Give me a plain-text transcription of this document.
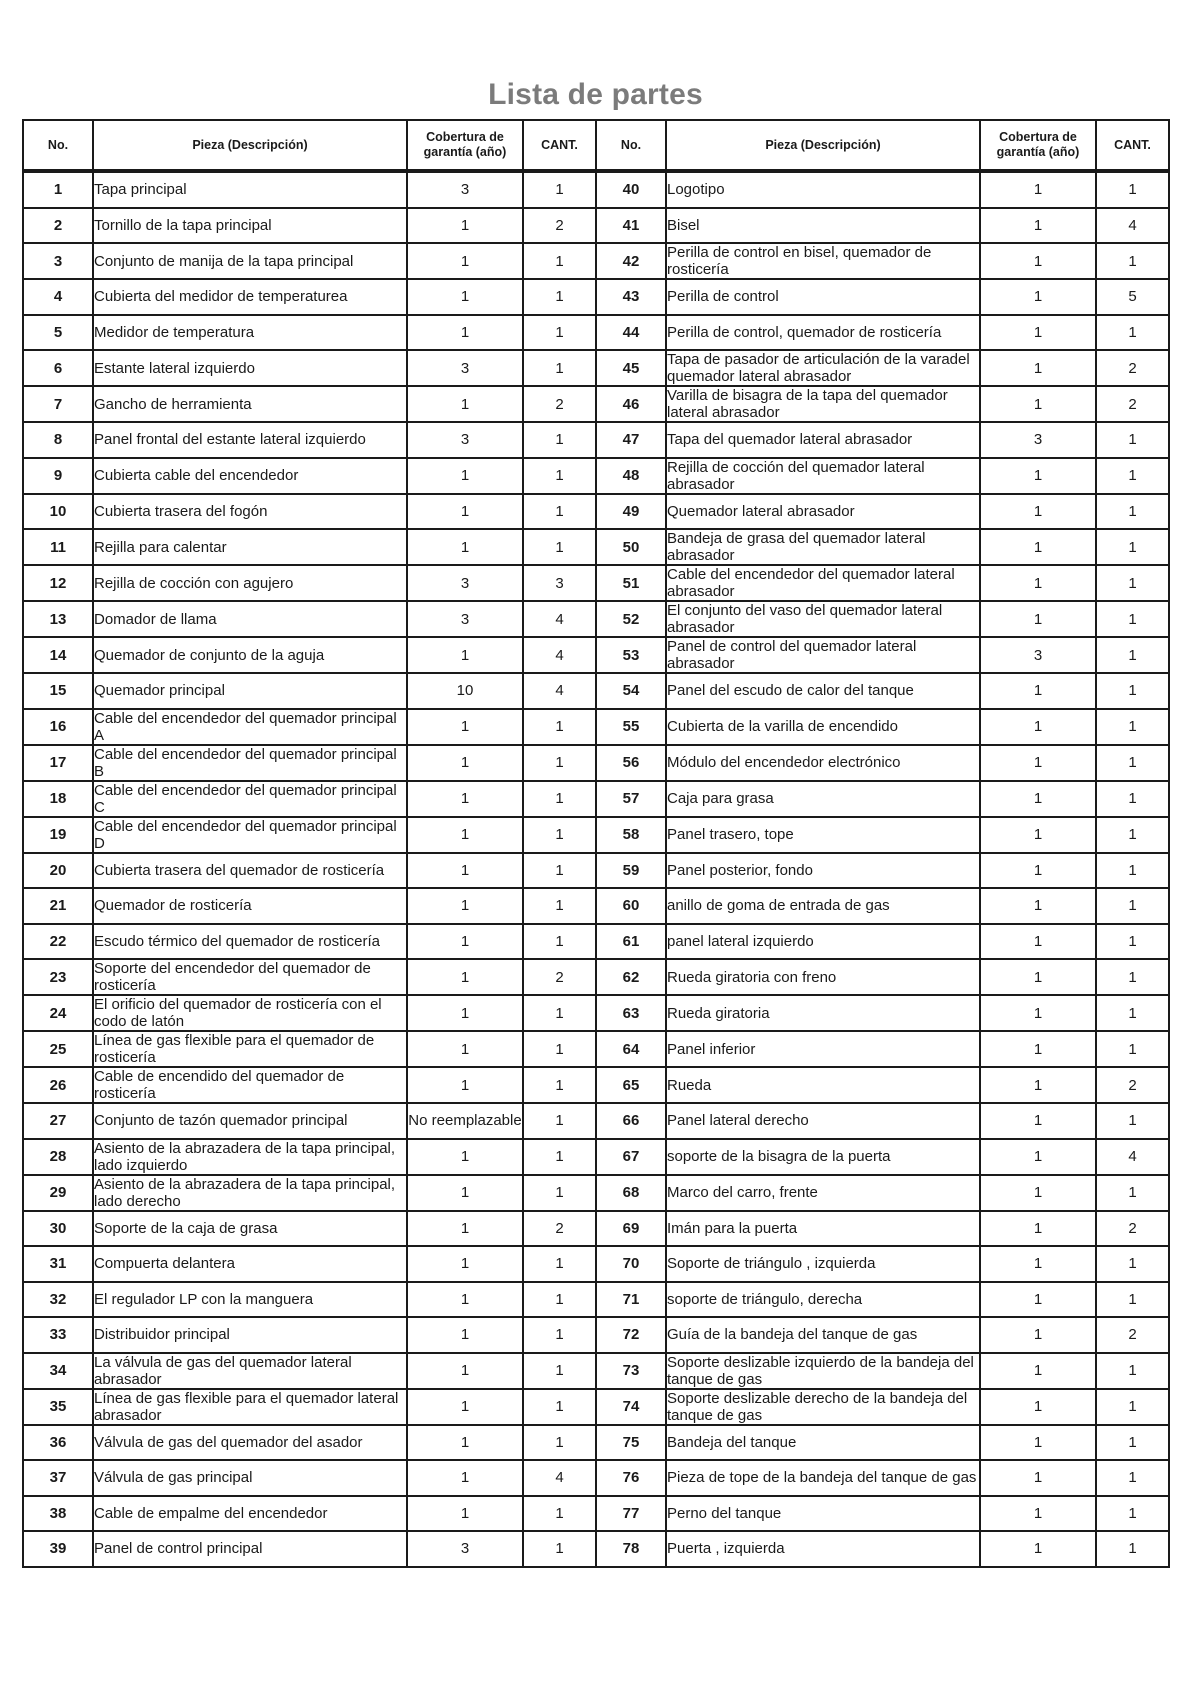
Lista de partes
No.	Pieza (Descripción)	Cobertura de garantía (año)	CANT.	No.	Pieza (Descripción)	Cobertura de garantía (año)	CANT.
1	Tapa principal	3	1	40	Logotipo	1	1
2	Tornillo de la tapa principal	1	2	41	Bisel	1	4
3	Conjunto de manija de la tapa principal	1	1	42	Perilla de control en bisel, quemador de rosticería	1	1
4	Cubierta del medidor de temperaturea	1	1	43	Perilla de control	1	5
5	Medidor de temperatura	1	1	44	Perilla de control, quemador de rosticería	1	1
6	Estante lateral izquierdo	3	1	45	Tapa de pasador de articulación de la varadel quemador lateral abrasador	1	2
7	Gancho de herramienta	1	2	46	Varilla de bisagra de la tapa del quemador lateral abrasador	1	2
8	Panel frontal del estante lateral izquierdo	3	1	47	Tapa del quemador lateral abrasador	3	1
9	Cubierta cable del encendedor	1	1	48	Rejilla de cocción del quemador lateral abrasador	1	1
10	Cubierta trasera del fogón	1	1	49	Quemador lateral abrasador	1	1
11	Rejilla para calentar	1	1	50	Bandeja de grasa del quemador lateral abrasador	1	1
12	Rejilla de cocción con agujero	3	3	51	Cable del encendedor del quemador lateral abrasador	1	1
13	Domador de llama	3	4	52	El conjunto del vaso del quemador lateral abrasador	1	1
14	Quemador de conjunto de la aguja	1	4	53	Panel de control del quemador lateral abrasador	3	1
15	Quemador principal	10	4	54	Panel del escudo de calor del tanque	1	1
16	Cable del encendedor del quemador principal A	1	1	55	Cubierta de la varilla de encendido	1	1
17	Cable del encendedor del quemador principal B	1	1	56	Módulo del encendedor electrónico	1	1
18	Cable del encendedor del quemador principal C	1	1	57	Caja para grasa	1	1
19	Cable del encendedor del quemador principal D	1	1	58	Panel trasero, tope	1	1
20	Cubierta trasera del quemador de rosticería	1	1	59	Panel posterior, fondo	1	1
21	Quemador de rosticería	1	1	60	anillo de goma de entrada de gas	1	1
22	Escudo térmico del quemador de rosticería	1	1	61	panel lateral izquierdo	1	1
23	Soporte del encendedor del quemador de rosticería	1	2	62	Rueda giratoria con freno	1	1
24	El orificio del quemador de rosticería con el codo de latón	1	1	63	Rueda giratoria	1	1
25	Línea de gas flexible para el quemador de rosticería	1	1	64	Panel inferior	1	1
26	Cable de encendido del quemador de rosticería	1	1	65	Rueda	1	2
27	Conjunto de tazón quemador principal	No reemplazable	1	66	Panel lateral derecho	1	1
28	Asiento de la abrazadera de la tapa principal, lado izquierdo	1	1	67	soporte de la bisagra de la puerta	1	4
29	Asiento de la abrazadera de la tapa principal, lado derecho	1	1	68	Marco del carro, frente	1	1
30	Soporte de la caja de grasa	1	2	69	Imán para la puerta	1	2
31	Compuerta delantera	1	1	70	Soporte de triángulo , izquierda	1	1
32	El regulador LP con la manguera	1	1	71	soporte de triángulo, derecha	1	1
33	Distribuidor principal	1	1	72	Guía de la bandeja del tanque de gas	1	2
34	La válvula de gas del quemador lateral abrasador	1	1	73	Soporte deslizable izquierdo de la bandeja del tanque de gas	1	1
35	Línea de gas flexible para el quemador lateral abrasador	1	1	74	Soporte deslizable derecho de la bandeja del tanque de gas	1	1
36	Válvula de gas del quemador del asador	1	1	75	Bandeja del tanque	1	1
37	Válvula de gas principal	1	4	76	Pieza de tope de la bandeja del tanque de gas	1	1
38	Cable de empalme del encendedor	1	1	77	Perno del tanque	1	1
39	Panel de control principal	3	1	78	Puerta , izquierda	1	1
